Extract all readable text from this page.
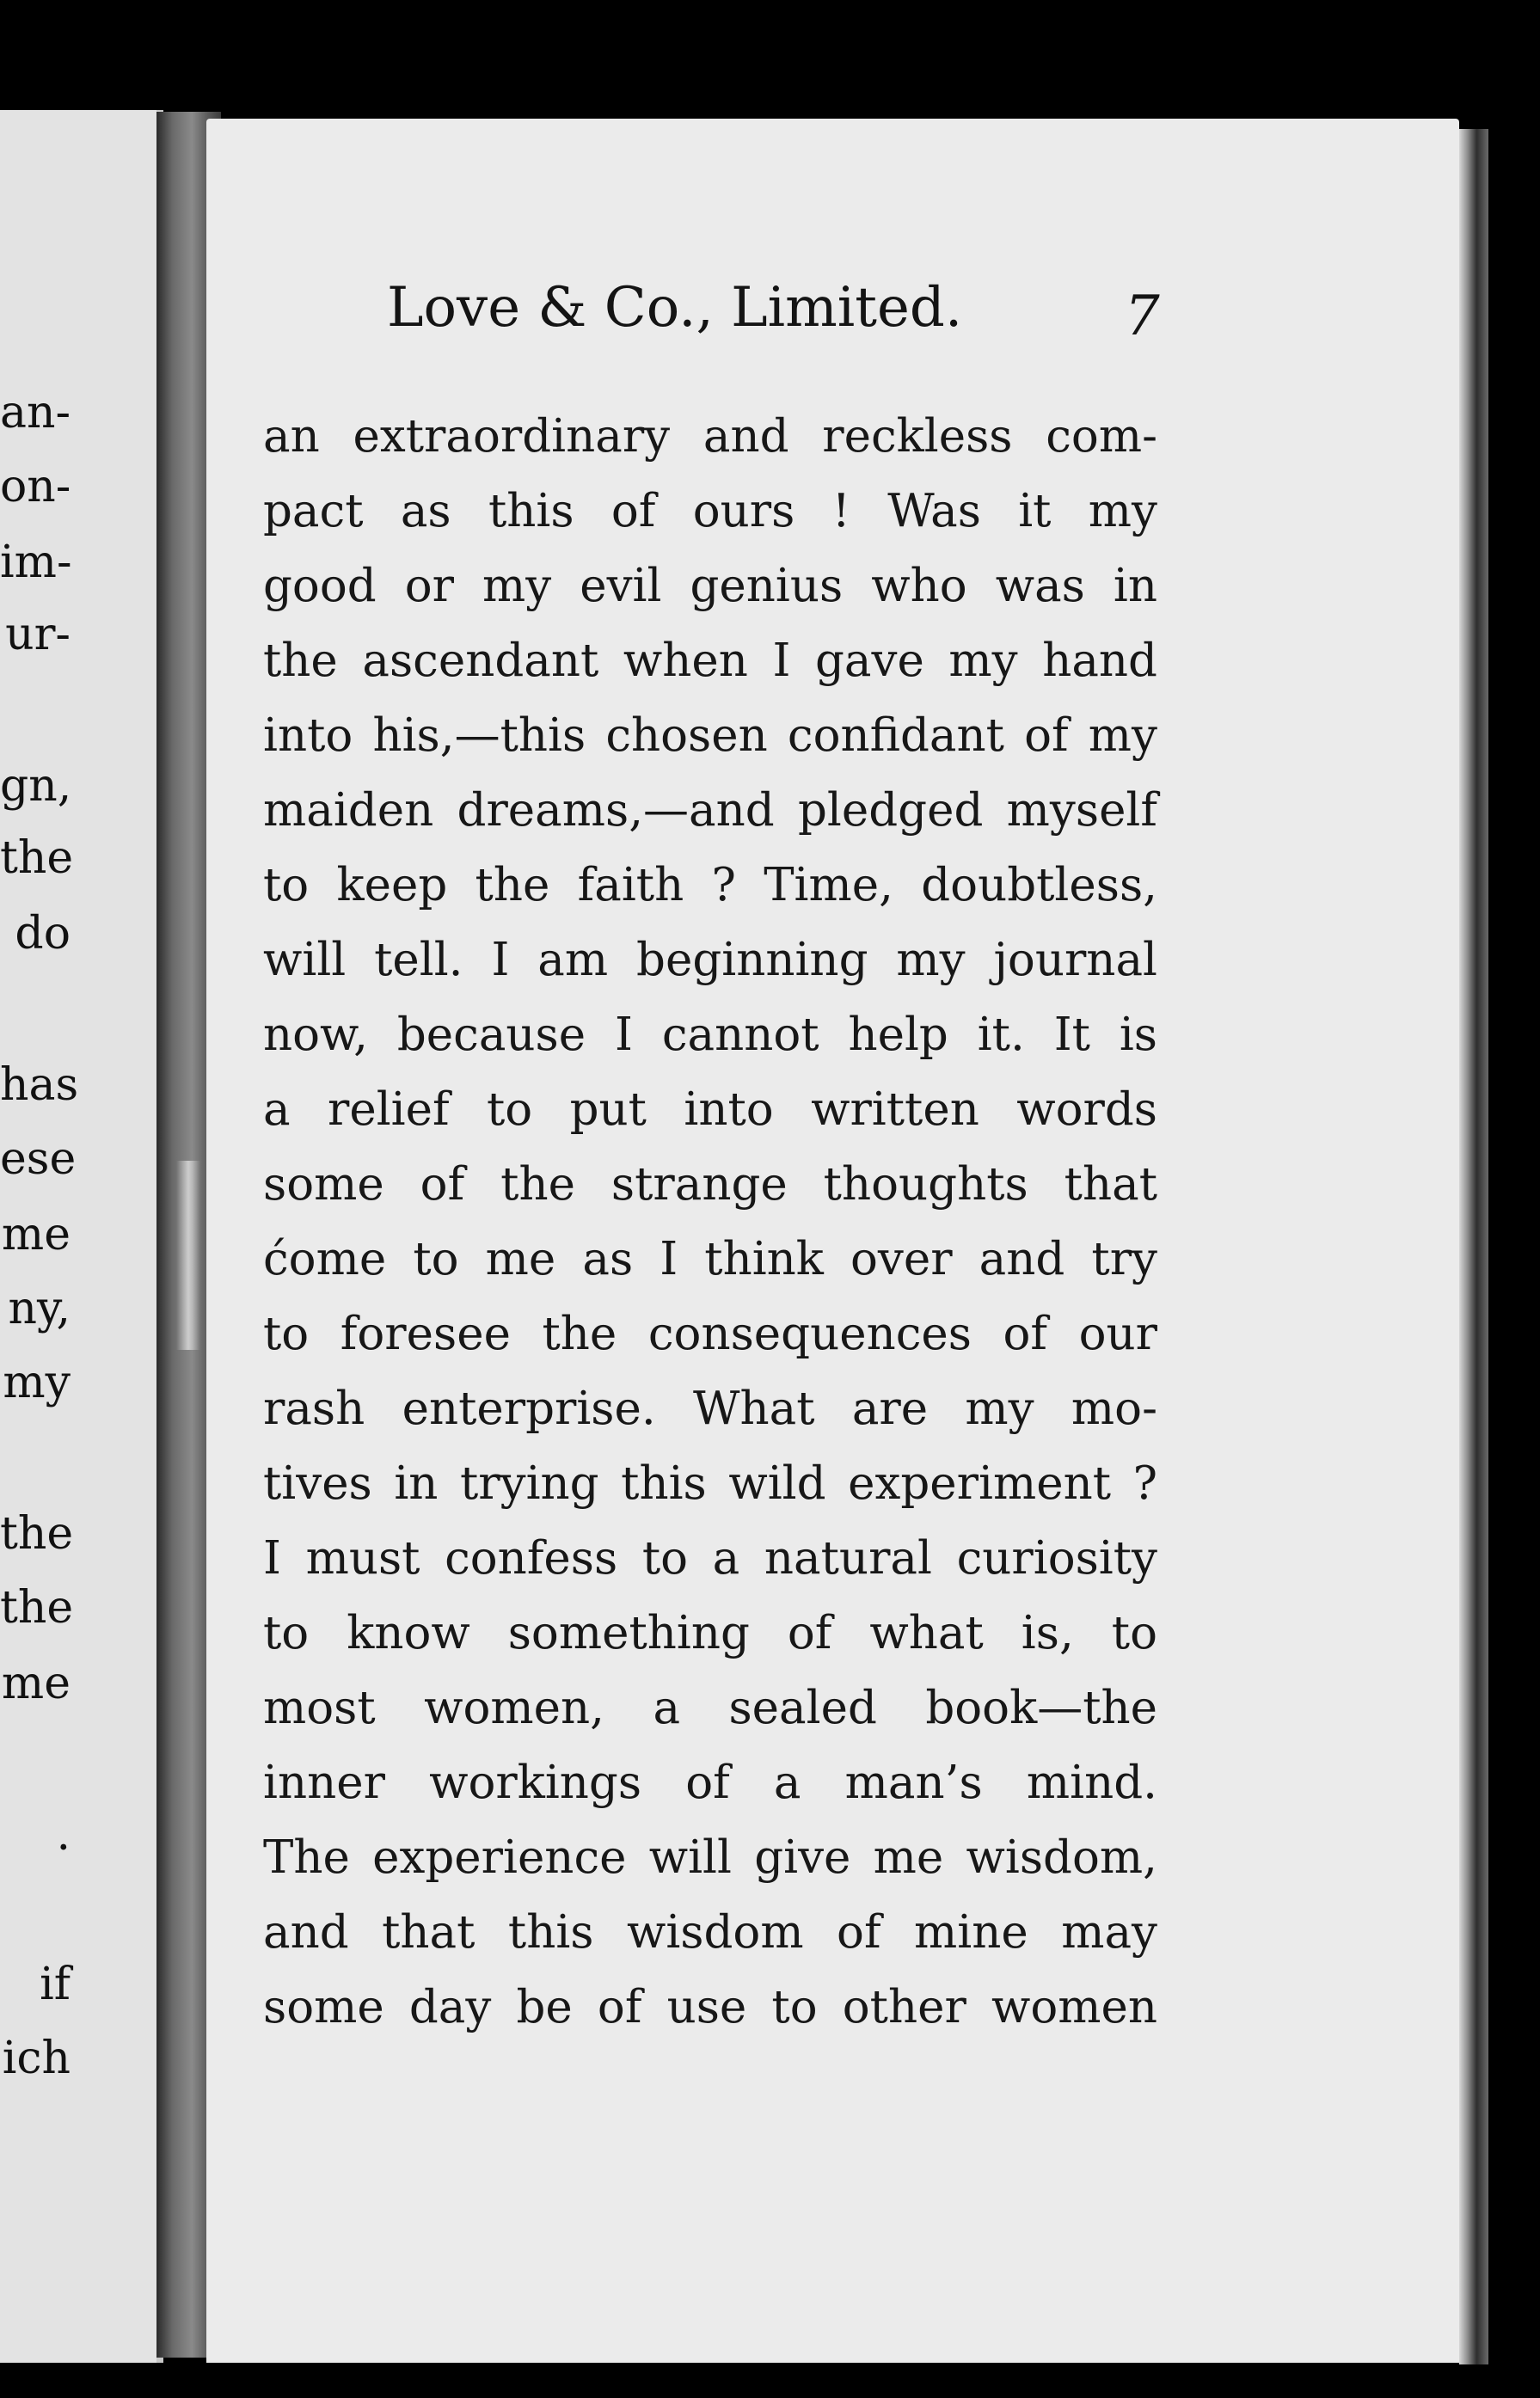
an-
on-
im-
ur-
gn,
the
do
has
ese
me
ny,
my
the
the
me
.
if
ich
Love & Co., Limited.	7
an extraordinary and reckless com-
pact as this of ours ! Was it my
good or my evil genius who was in
the ascendant when I gave my hand
into his,—this chosen confidant of my
maiden dreams,—and pledged myself
to keep the faith ? Time, doubtless,
will tell. I am beginning my journal
now, because I cannot help it. It is
a relief to put into written words
some of the strange thoughts that
ćome to me as I think over and try
to foresee the consequences of our
rash enterprise. What are my mo-
tives in trying this wild experiment ?
I must confess to a natural curiosity
to know something of what is, to
most women, a sealed book—the
inner workings of a man’s mind.
The experience will give me wisdom,
and that this wisdom of mine may
some day be of use to other women
